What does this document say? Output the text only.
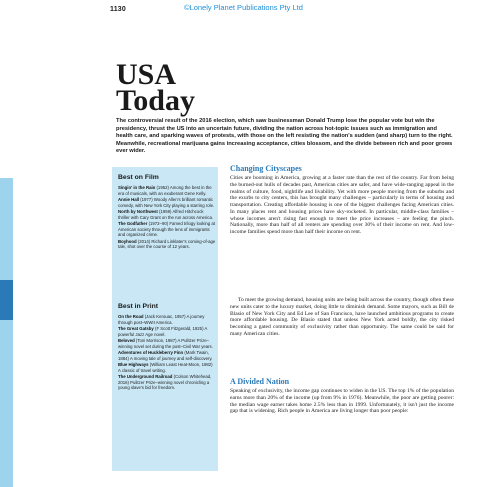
1130	©Lonely Planet Publications Pty Ltd
USA
Today

The controversial result of the 2016 election, which saw businessman Donald Trump lose the popular vote but win the presidency, thrust the US into an uncertain future, dividing the nation across hot-topic issues such as immigration and health care, and sparking waves of protests, with those on the left resisting the nation's sudden (and sharp) turn to the right. Meanwhile, recreational marijuana gains increasing acceptance, cities blossom, and the divide between rich and poor grows ever wider.

Best on Film

Singin' in the Rain (1952) Among the best in the era of musicals, with an exuberant Gene Kelly.

Annie Hall (1977) Woody Allen's brilliant romantic comedy, with New York City playing a starring role.

North by Northwest (1959) Alfred Hitchcock thriller with Cary Grant on the run across America.

The Godfather (1972–90) Famed trilogy looking at American society through the lens of immigrants and organized crime.

Boyhood (2014) Richard Linklater's coming-of-age tale, shot over the course of 12 years.

Best in Print

On the Road (Jack Kerouac, 1957) A journey through post–WWII America.

The Great Gatsby (F Scott Fitzgerald, 1925) A powerful Jazz Age novel.

Beloved (Toni Morrison, 1987) A Pulitzer Prize–winning novel set during the post–Civil War years.

Adventures of Huckleberry Finn (Mark Twain, 1884) A moving tale of journey and self-discovery.

Blue Highways (William Least Heat-Moon, 1982) A classic of travel writing.

The Underground Railroad (Colson Whitehead, 2016) Pulitzer Prize–winning novel chronicling a young slave's bid for freedom.

Changing Cityscapes

Cities are booming in America, growing at a faster rate than the rest of the country. Far from being the burned-out hulls of decades past, American cities are safer, and have wide-ranging appeal in the realms of culture, food, nightlife and livability. Yet with more people moving from the suburbs and the exurbs to city centers, this has brought many challenges – particularly in terms of housing and transportation. Creating affordable housing is one of the biggest challenges facing American cities. In many places rent and housing prices have sky-rocketed. In particular, middle-class families – whose incomes aren't rising fast enough to meet the price increases – are feeling the pinch. Nationally, more than half of all renters are spending over 30% of their income on rent. And low-income families spend more than half their income on rent.

To meet the growing demand, housing units are being built across the country, though often these new units cater to the luxury market, doing little to diminish demand. Some mayors, such as Bill de Blasio of New York City and Ed Lee of San Francisco, have launched ambitious programs to create more affordable housing. De Blasio stated that unless New York acted boldly, the city risked becoming a gated community of exclusivity rather than opportunity. The same could be said for many American cities.

A Divided Nation

Speaking of exclusivity, the income gap continues to widen in the US. The top 1% of the population earns more than 20% of the income (up from 9% in 1976). Meanwhile, the poor are getting poorer: the median wage earner takes home 2.5% less than in 1999. Unfortunately, it isn't just the income gap that is widening. Rich people in America are living longer than poor people:
